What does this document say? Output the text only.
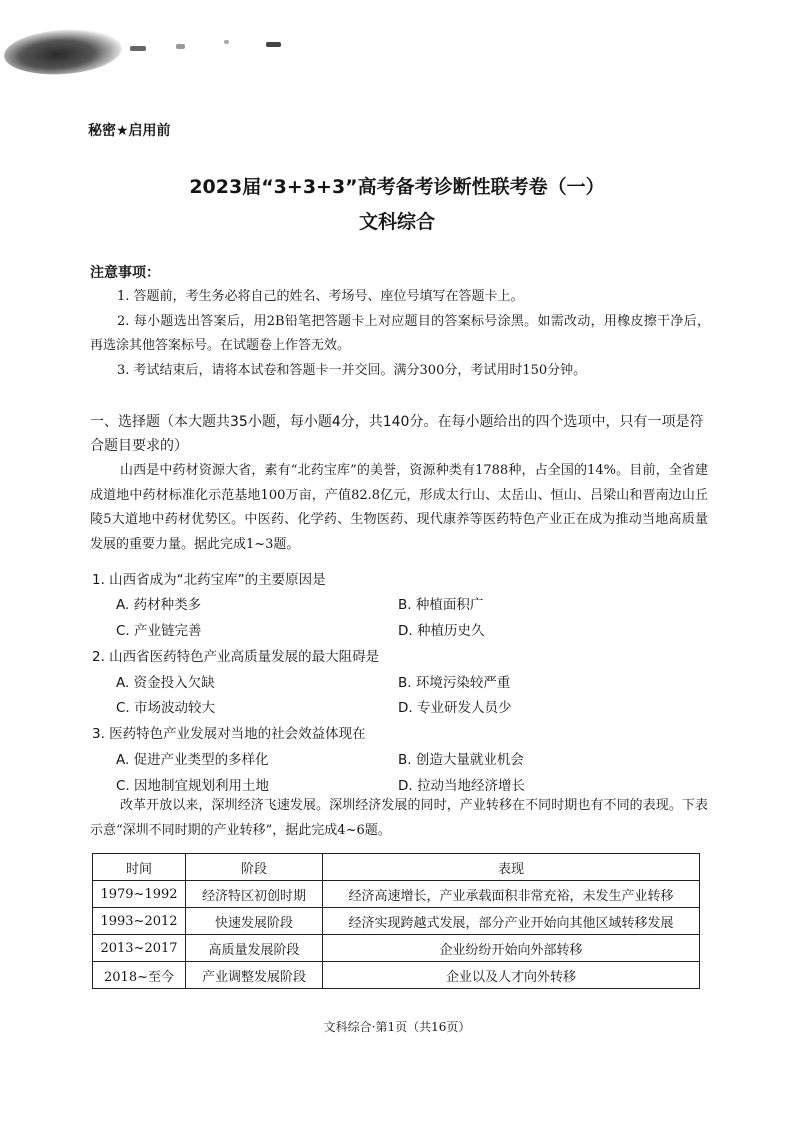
秘密★启用前
2023届“3+3+3”高考备考诊断性联考卷（一）
文科综合
注意事项：
1. 答题前，考生务必将自己的姓名、考场号、座位号填写在答题卡上。
2. 每小题选出答案后，用2B铅笔把答题卡上对应题目的答案标号涂黑。如需改动，用橡皮擦干净后，再选涂其他答案标号。在试题卷上作答无效。
3. 考试结束后，请将本试卷和答题卡一并交回。满分300分，考试用时150分钟。
一、选择题（本大题共35小题，每小题4分，共140分。在每小题给出的四个选项中，只有一项是符合题目要求的）
山西是中药材资源大省，素有“北药宝库”的美誉，资源种类有1788种，占全国的14%。目前，全省建成道地中药材标准化示范基地100万亩，产值82.8亿元，形成太行山、太岳山、恒山、吕梁山和晋南边山丘陵5大道地中药材优势区。中医药、化学药、生物医药、现代康养等医药特色产业正在成为推动当地高质量发展的重要力量。据此完成1~3题。
1. 山西省成为“北药宝库”的主要原因是
A. 药材种类多	B. 种植面积广
C. 产业链完善	D. 种植历史久
2. 山西省医药特色产业高质量发展的最大阻碍是
A. 资金投入欠缺	B. 环境污染较严重
C. 市场波动较大	D. 专业研发人员少
3. 医药特色产业发展对当地的社会效益体现在
A. 促进产业类型的多样化	B. 创造大量就业机会
C. 因地制宜规划利用土地	D. 拉动当地经济增长
改革开放以来，深圳经济飞速发展。深圳经济发展的同时，产业转移在不同时期也有不同的表现。下表示意“深圳不同时期的产业转移”，据此完成4~6题。
时间	阶段	表现
1979~1992	经济特区初创时期	经济高速增长，产业承载面积非常充裕，未发生产业转移
1993~2012	快速发展阶段	经济实现跨越式发展，部分产业开始向其他区域转移发展
2013~2017	高质量发展阶段	企业纷纷开始向外部转移
2018~至今	产业调整发展阶段	企业以及人才向外转移
文科综合·第1页（共16页）
